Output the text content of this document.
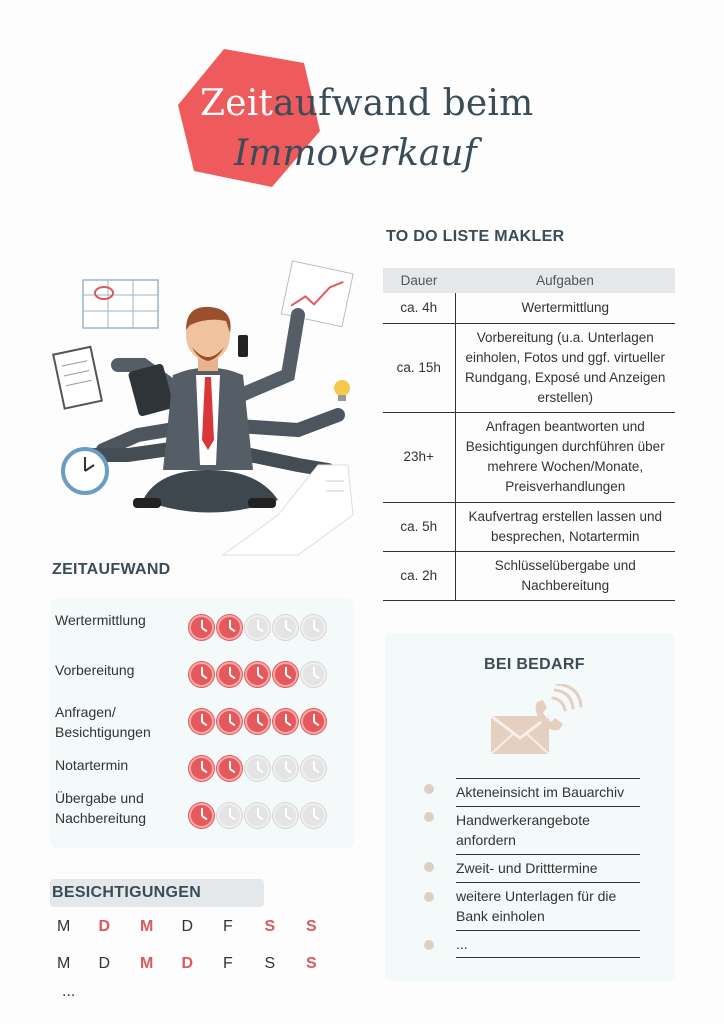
Zeitaufwand beim
Immoverkauf
TO DO LISTE MAKLER
Dauer	Aufgaben
ca. 4h	Wertermittlung
ca. 15h	Vorbereitung (u.a. Unterlagen einholen, Fotos und ggf. virtueller Rundgang, Exposé und Anzeigen erstellen)
23h+	Anfragen beantworten und Besichtigungen durchführen über mehrere Wochen/Monate, Preisverhandlungen
ca. 5h	Kaufvertrag erstellen lassen und besprechen, Notartermin
ca. 2h	Schlüsselübergabe und Nachbereitung
ZEITAUFWAND
Wertermittlung
Vorbereitung
Anfragen/
Besichtigungen
Notartermin
Übergabe und
Nachbereitung
BESICHTIGUNGEN
M	D	M	D	F	S	S
M	D	M	D	F	S	S
...
BEI BEDARF
Akteneinsicht im Bauarchiv
Handwerkerangebote anfordern
Zweit- und Dritttermine
weitere Unterlagen für die Bank einholen
...
